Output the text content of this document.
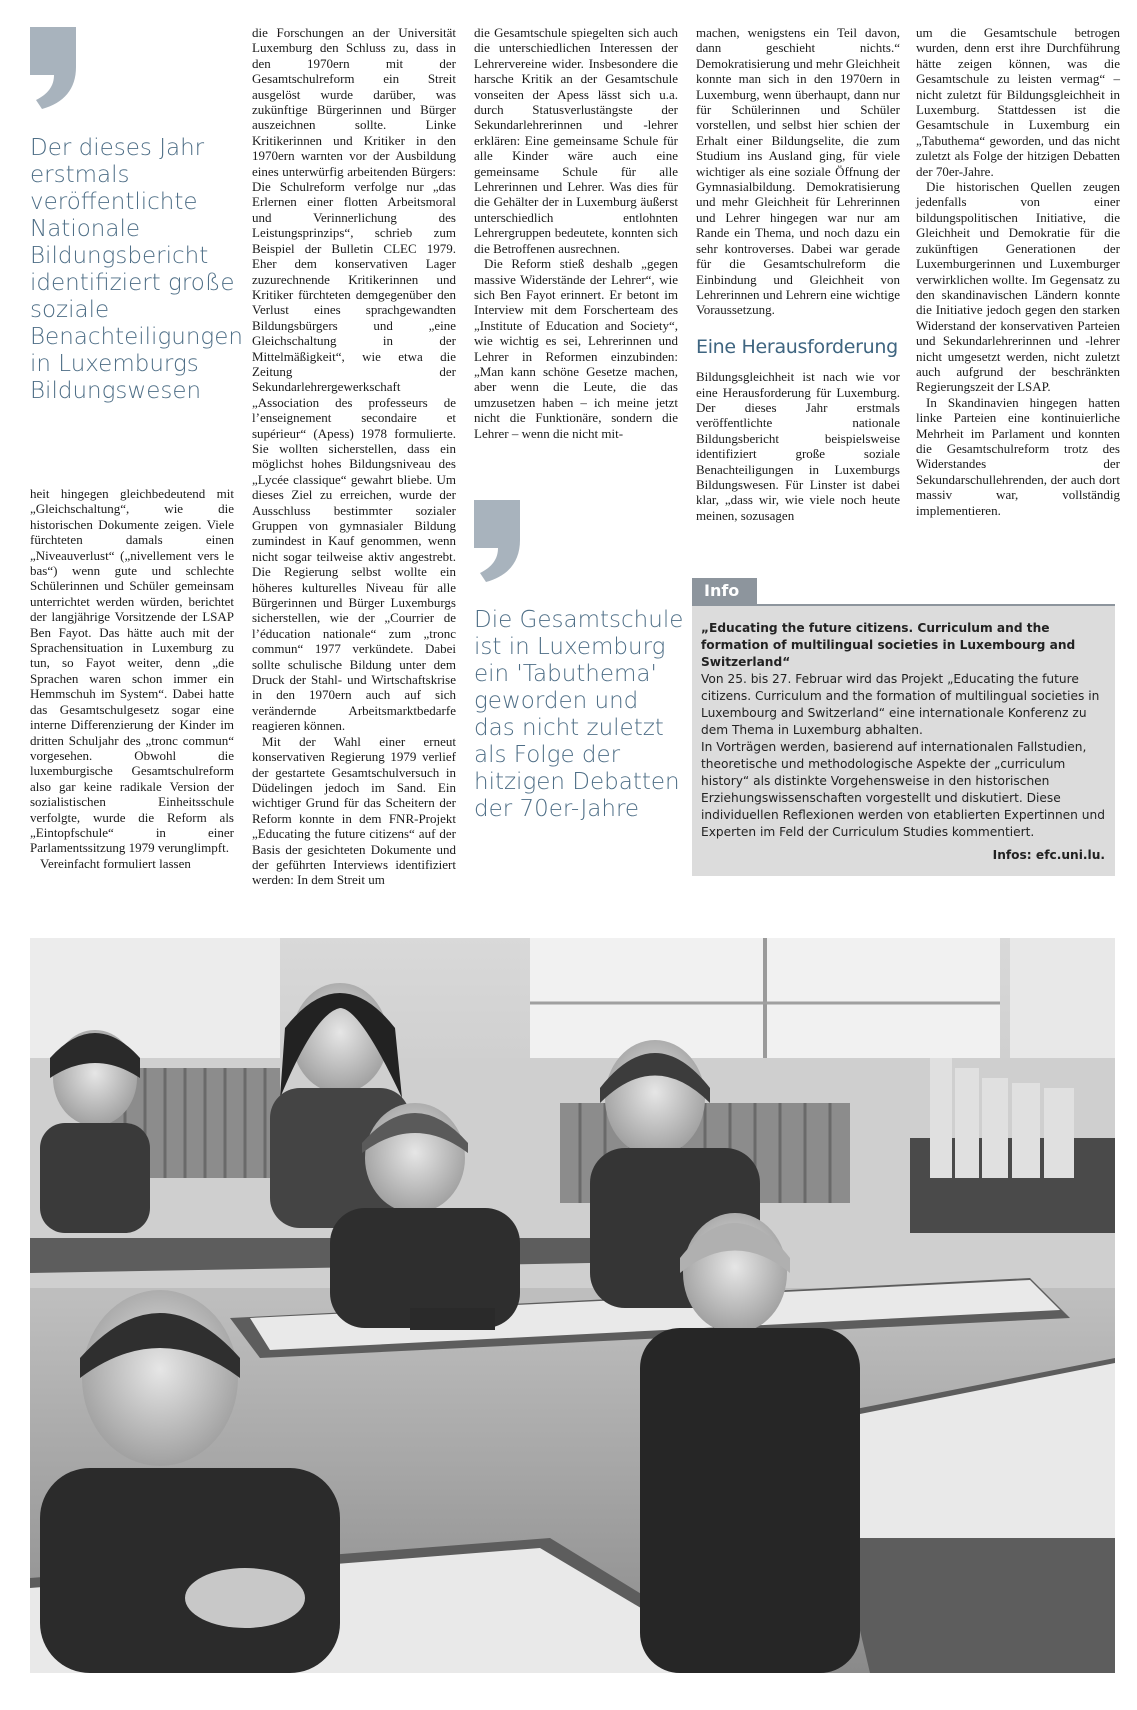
Der dieses Jahr erstmals veröffentlichte Nationale Bildungsbericht identifiziert große soziale Benachteiligungen in Luxemburgs Bildungswesen

heit hingegen gleichbedeutend mit „Gleichschaltung“, wie die historischen Dokumente zeigen. Viele fürchteten damals einen „Niveauverlust“ („nivellement vers le bas“) wenn gute und schlechte Schülerinnen und Schüler gemeinsam unterrichtet werden würden, berichtet der langjährige Vorsitzende der LSAP Ben Fayot. Das hätte auch mit der Sprachensituation in Luxemburg zu tun, so Fayot weiter, denn „die Sprachen waren schon immer ein Hemmschuh im System“. Dabei hatte das Gesamtschulgesetz sogar eine interne Differenzierung der Kinder im dritten Schuljahr des „tronc commun“ vorgesehen. Obwohl die luxemburgische Gesamtschulreform also gar keine radikale Version der sozialistischen Einheitsschule verfolgte, wurde die Reform als „Eintopfschule“ in einer Parlamentssitzung 1979 verunglimpft.

Vereinfacht formuliert lassen

die Forschungen an der Universität Luxemburg den Schluss zu, dass in den 1970ern mit der Gesamtschulreform ein Streit ausgelöst wurde darüber, was zukünftige Bürgerinnen und Bürger auszeichnen sollte. Linke Kritikerinnen und Kritiker in den 1970ern warnten vor der Ausbildung eines unterwürfig arbeitenden Bürgers: Die Schulreform verfolge nur „das Erlernen einer flotten Arbeitsmoral und Verinnerlichung des Leistungsprinzips“, schrieb zum Beispiel der Bulletin CLEC 1979. Eher dem konservativen Lager zuzurechnende Kritikerinnen und Kritiker fürchteten demgegenüber den Verlust eines sprachgewandten Bildungsbürgers und „eine Gleichschaltung in der Mittelmäßigkeit“, wie etwa die Zeitung der Sekundarlehrergewerkschaft „Association des professeurs de l’enseignement secondaire et supérieur“ (Apess) 1978 formulierte. Sie wollten sicherstellen, dass ein möglichst hohes Bildungsniveau des „Lycée classique“ gewahrt bliebe. Um dieses Ziel zu erreichen, wurde der Ausschluss bestimmter sozialer Gruppen von gymnasialer Bildung zumindest in Kauf genommen, wenn nicht sogar teilweise aktiv angestrebt. Die Regierung selbst wollte ein höheres kulturelles Niveau für alle Bürgerinnen und Bürger Luxemburgs sicherstellen, wie der „Courrier de l’éducation nationale“ zum „tronc commun“ 1977 verkündete. Dabei sollte schulische Bildung unter dem Druck der Stahl- und Wirtschaftskrise in den 1970ern auch auf sich verändernde Arbeitsmarktbedarfe reagieren können.

Mit der Wahl einer erneut konservativen Regierung 1979 verlief der gestartete Gesamtschulversuch in Düdelingen jedoch im Sand. Ein wichtiger Grund für das Scheitern der Reform konnte in dem FNR-Projekt „Educating the future citizens“ auf der Basis der gesichteten Dokumente und der geführten Interviews identifiziert werden: In dem Streit um

die Gesamtschule spiegelten sich auch die unterschiedlichen Interessen der Lehrervereine wider. Insbesondere die harsche Kritik an der Gesamtschule vonseiten der Apess lässt sich u.a. durch Statusverlustängste der Sekundarlehrerinnen und -lehrer erklären: Eine gemeinsame Schule für alle Kinder wäre auch eine gemeinsame Schule für alle Lehrerinnen und Lehrer. Was dies für die Gehälter der in Luxemburg äußerst unterschiedlich entlohnten Lehrergruppen bedeutete, konnten sich die Betroffenen ausrechnen.

Die Reform stieß deshalb „gegen massive Widerstände der Lehrer“, wie sich Ben Fayot erinnert. Er betont im Interview mit dem Forscherteam des „Institute of Education and Society“, wie wichtig es sei, Lehrerinnen und Lehrer in Reformen einzubinden: „Man kann schöne Gesetze machen, aber wenn die Leute, die das umzusetzen haben – ich meine jetzt nicht die Funktionäre, sondern die Lehrer – wenn die nicht mit-

Die Gesamtschule ist in Luxemburg ein 'Tabuthema' geworden und das nicht zuletzt als Folge der hitzigen Debatten der 70er-Jahre

machen, wenigstens ein Teil davon, dann geschieht nichts.“ Demokratisierung und mehr Gleichheit konnte man sich in den 1970ern in Luxemburg, wenn überhaupt, dann nur für Schülerinnen und Schüler vorstellen, und selbst hier schien der Erhalt einer Bildungselite, die zum Studium ins Ausland ging, für viele wichtiger als eine soziale Öffnung der Gymnasialbildung. Demokratisierung und mehr Gleichheit für Lehrerinnen und Lehrer hingegen war nur am Rande ein Thema, und noch dazu ein sehr kontroverses. Dabei war gerade für die Gesamtschulreform die Einbindung und Gleichheit von Lehrerinnen und Lehrern eine wichtige Voraussetzung.

Eine Herausforderung

Bildungsgleichheit ist nach wie vor eine Herausforderung für Luxemburg. Der dieses Jahr erstmals veröffentlichte nationale Bildungsbericht beispielsweise identifiziert große soziale Benachteiligungen in Luxemburgs Bildungswesen. Für Linster ist dabei klar, „dass wir, wie viele noch heute meinen, sozusagen

um die Gesamtschule betrogen wurden, denn erst ihre Durchführung hätte zeigen können, was die Gesamtschule zu leisten vermag“ – nicht zuletzt für Bildungsgleichheit in Luxemburg. Stattdessen ist die Gesamtschule in Luxemburg ein „Tabuthema“ geworden, und das nicht zuletzt als Folge der hitzigen Debatten der 70er-Jahre.

Die historischen Quellen zeugen jedenfalls von einer bildungspolitischen Initiative, die Gleichheit und Demokratie für die zukünftigen Generationen der Luxemburgerinnen und Luxemburger verwirklichen wollte. Im Gegensatz zu den skandinavischen Ländern konnte die Initiative jedoch gegen den starken Widerstand der konservativen Parteien und Sekundarlehrerinnen und -lehrer nicht umgesetzt werden, nicht zuletzt auch aufgrund der beschränkten Regierungszeit der LSAP.

In Skandinavien hingegen hatten linke Parteien eine kontinuierliche Mehrheit im Parlament und konnten die Gesamtschulreform trotz des Widerstandes der Sekundarschullehrenden, der auch dort massiv war, vollständig implementieren.

Info

„Educating the future citizens. Curriculum and the formation of multilingual societies in Luxembourg and Switzerland“

Von 25. bis 27. Februar wird das Projekt „Educating the future citizens. Curriculum and the formation of multilingual societies in Luxembourg and Switzerland“ eine internationale Konferenz zu dem Thema in Luxemburg abhalten.

In Vorträgen werden, basierend auf internationalen Fallstudien, theoretische und methodologische Aspekte der „curriculum history“ als distinkte Vorgehensweise in den historischen Erziehungswissenschaften vorgestellt und diskutiert. Diese individuellen Reflexionen werden von etablierten Expertinnen und Experten im Feld der Curriculum Studies kommentiert.

Infos: efc.uni.lu.
